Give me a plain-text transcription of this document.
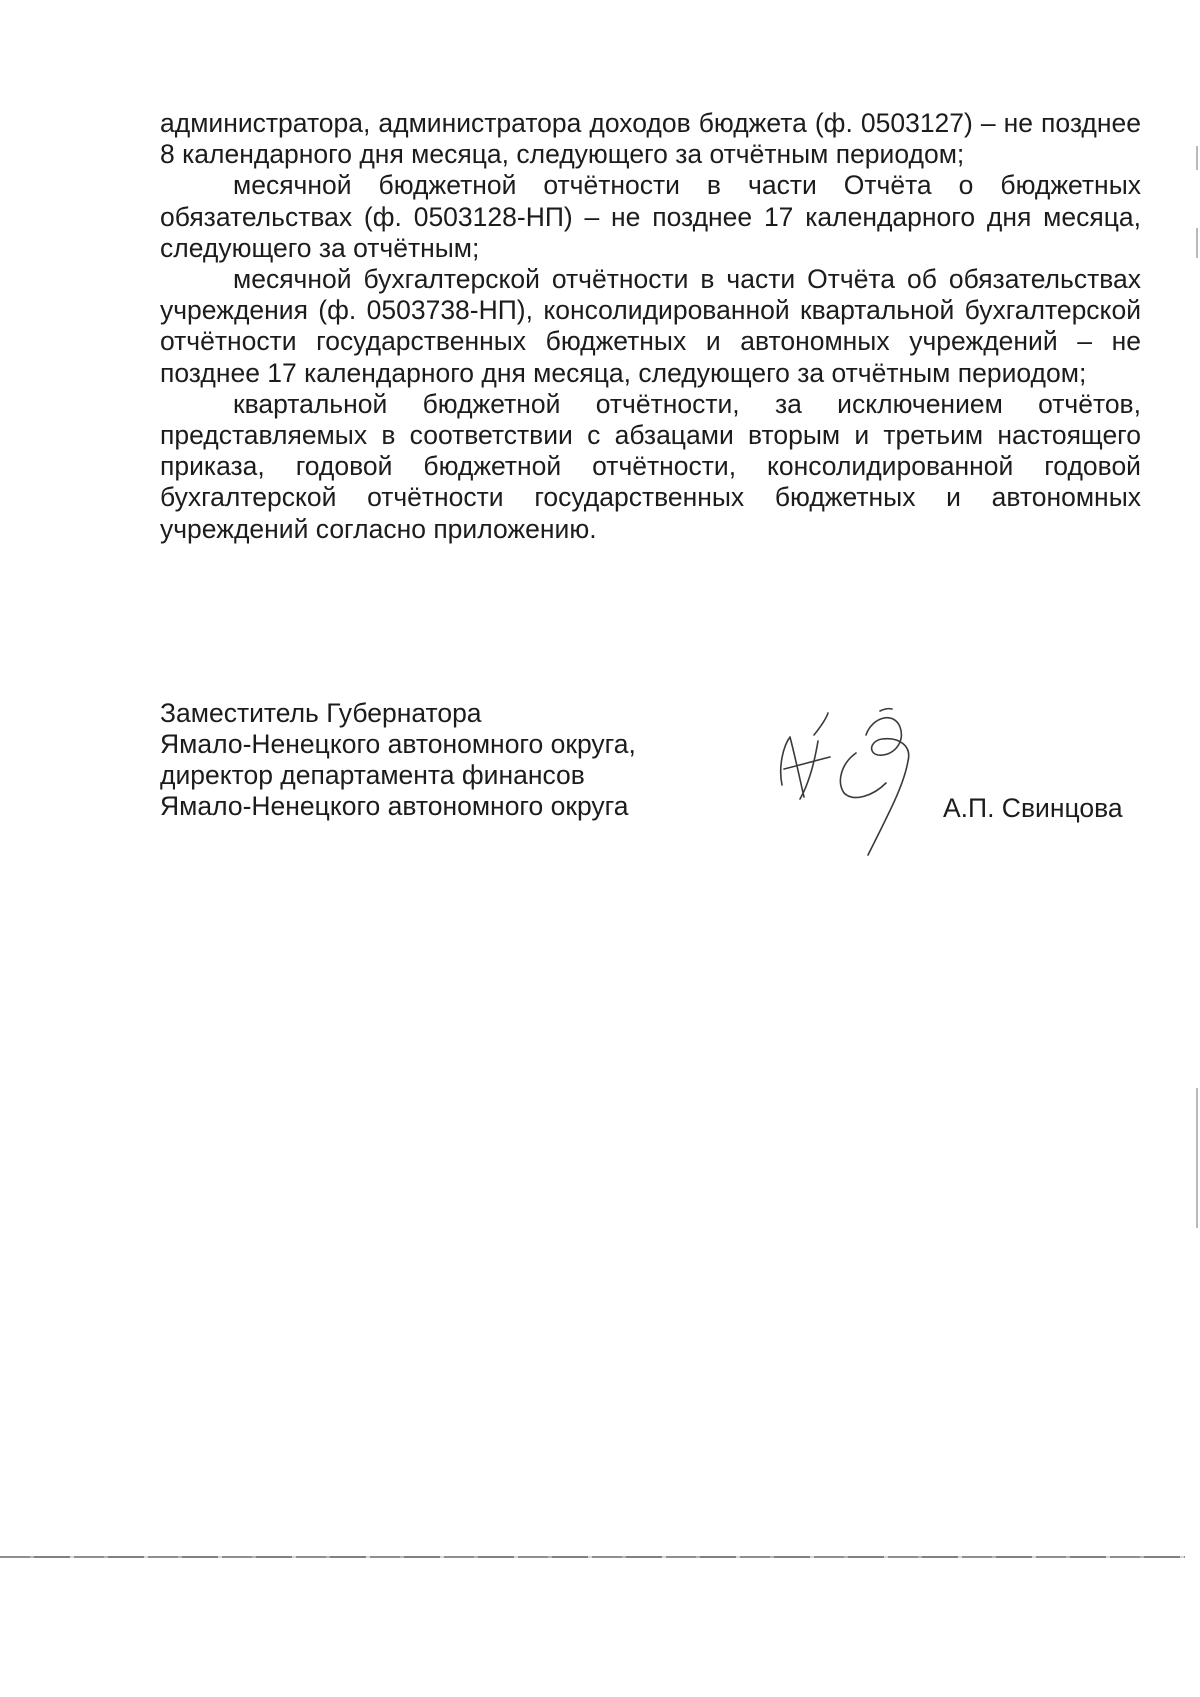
администратора, администратора доходов бюджета (ф. 0503127) – не позднее 8 календарного дня месяца, следующего за отчётным периодом;

месячной бюджетной отчётности в части Отчёта о бюджетных обязательствах (ф. 0503128-НП) – не позднее 17 календарного дня месяца, следующего за отчётным;

месячной бухгалтерской отчётности в части Отчёта об обязательствах учреждения (ф. 0503738-НП), консолидированной квартальной бухгалтерской отчётности государственных бюджетных и автономных учреждений – не позднее 17 календарного дня месяца, следующего за отчётным периодом;

квартальной бюджетной отчётности, за исключением отчётов, представляемых в соответствии с абзацами вторым и третьим настоящего приказа, годовой бюджетной отчётности, консолидированной годовой бухгалтерской отчётности государственных бюджетных и автономных учреждений согласно приложению.

Заместитель Губернатора
Ямало-Ненецкого автономного округа,
директор департамента финансов
Ямало-Ненецкого автономного округа	А.П. Свинцова
